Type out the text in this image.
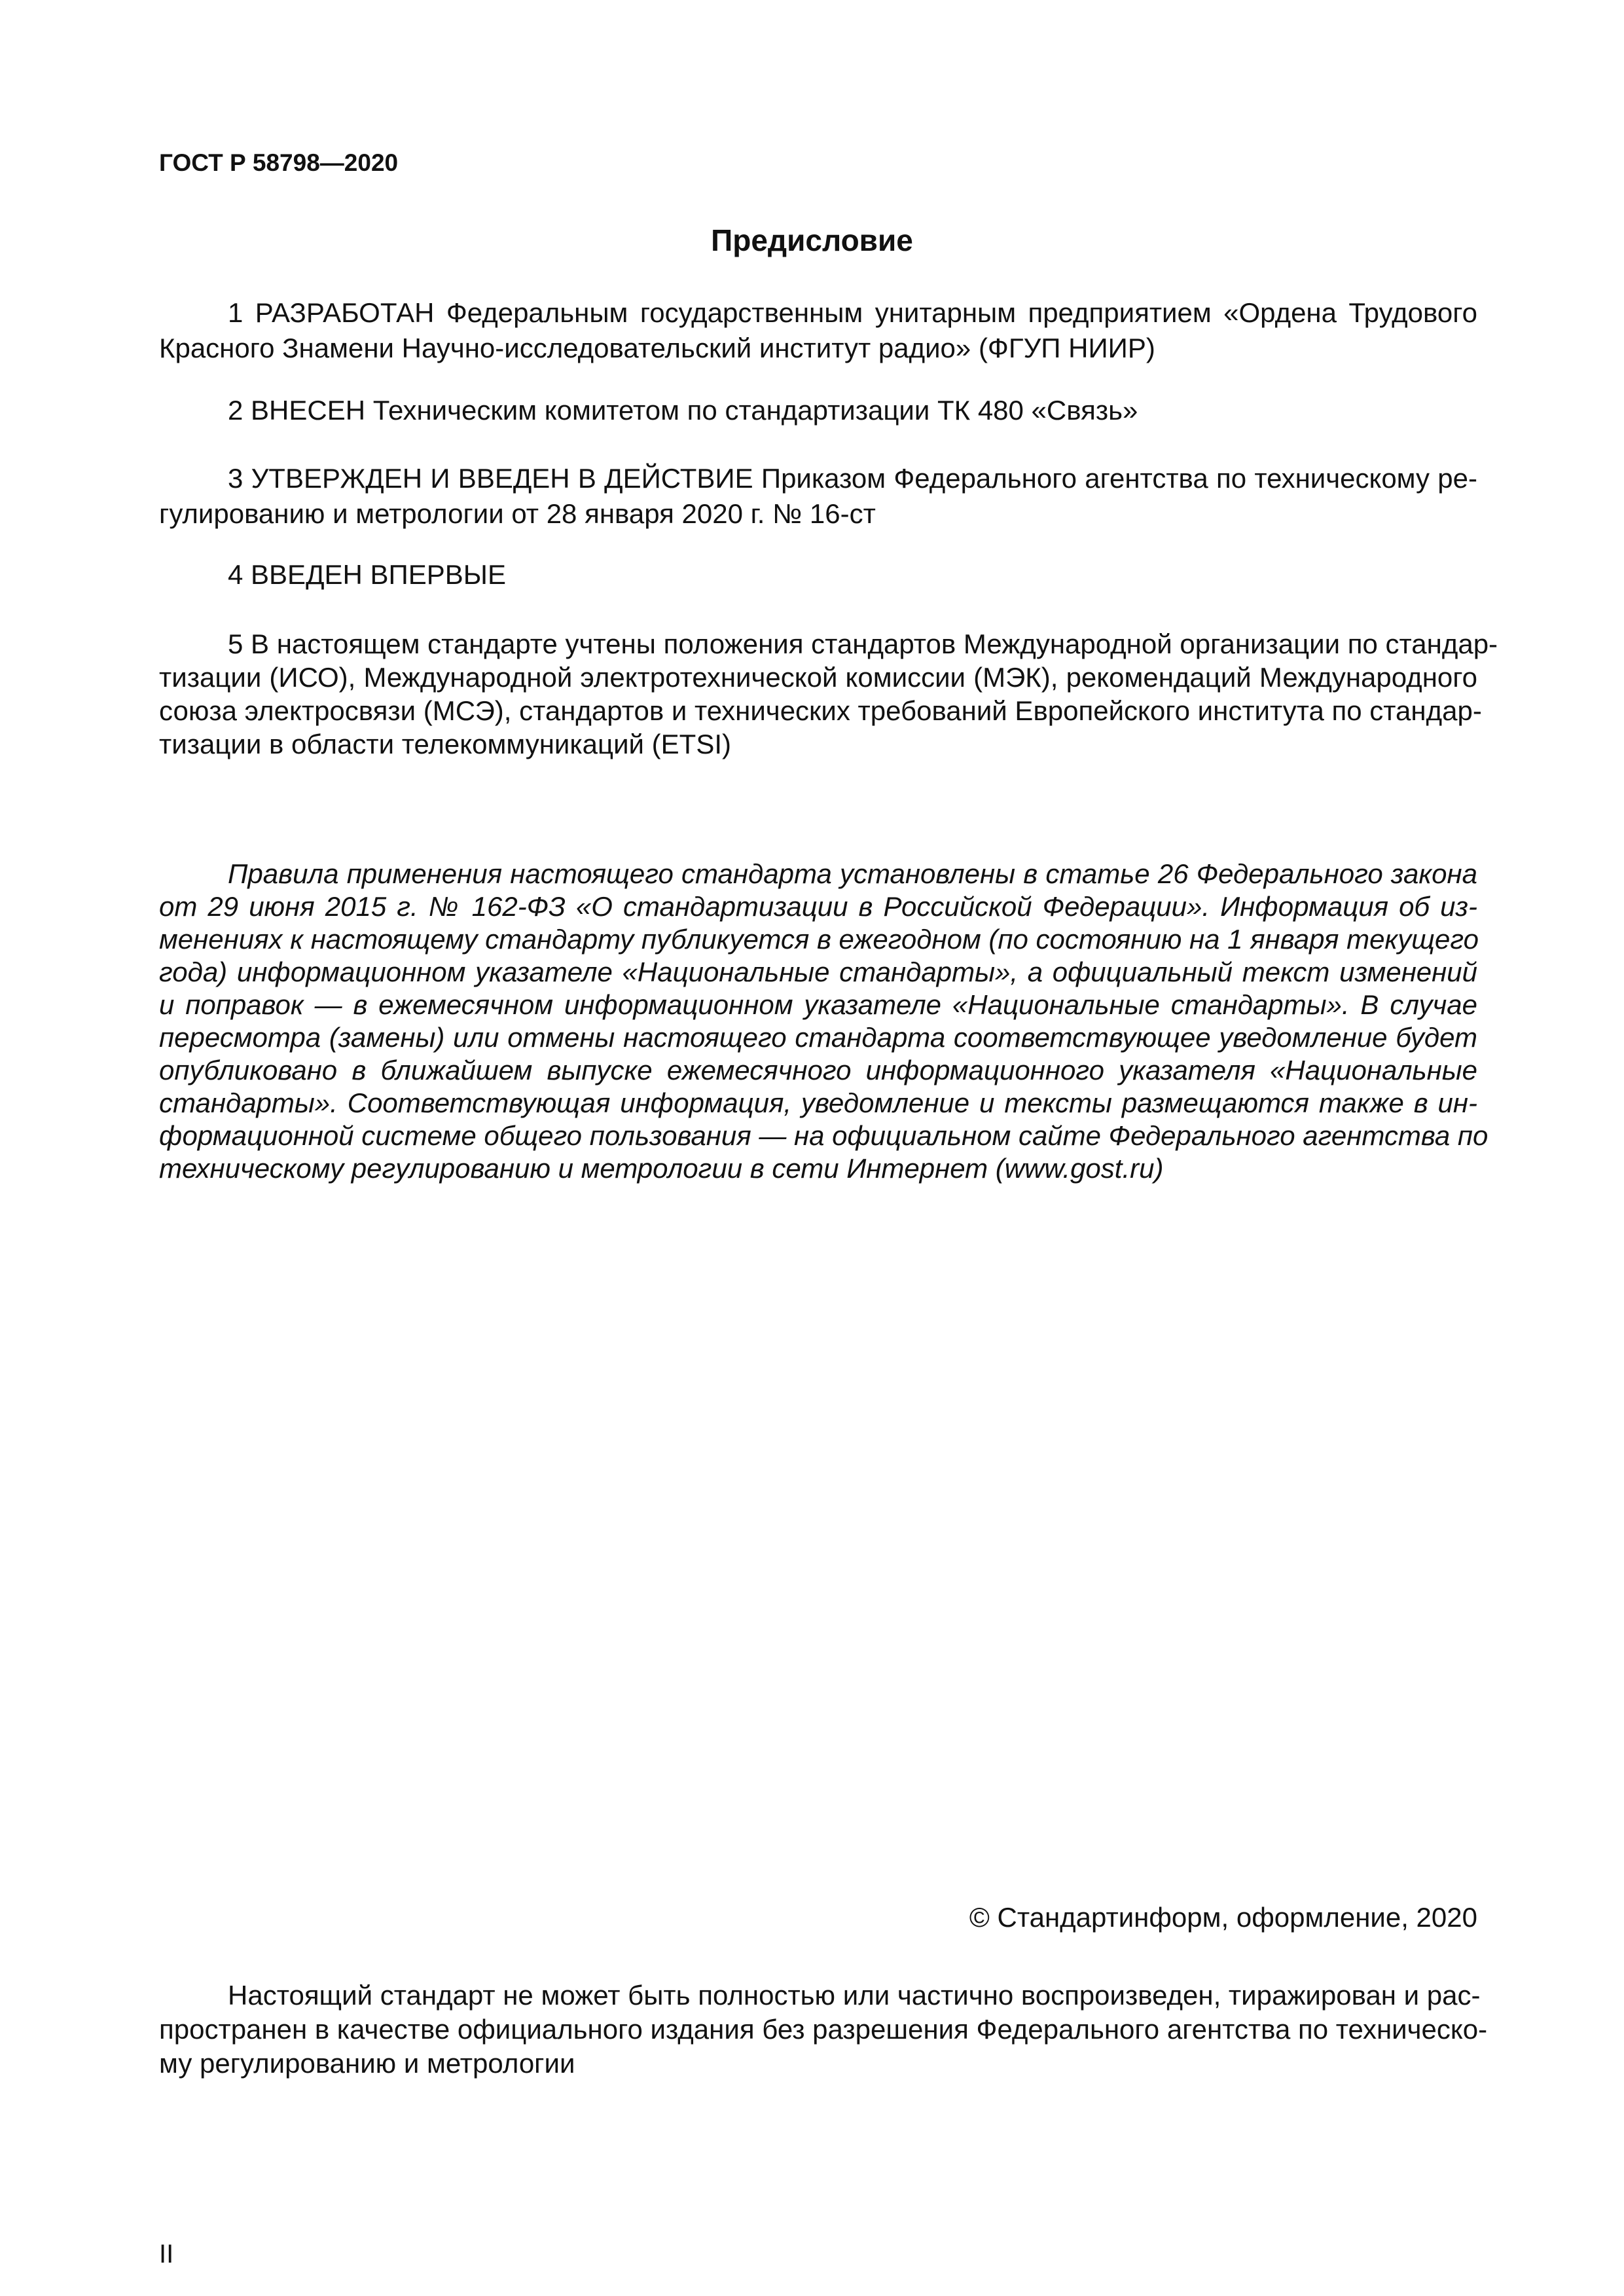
ГОСТ Р 58798—2020
Предисловие
1 РАЗРАБОТАН Федеральным государственным унитарным предприятием «Ордена Трудового
Красного Знамени Научно-исследовательский институт радио» (ФГУП НИИР)
2 ВНЕСЕН Техническим комитетом по стандартизации ТК 480 «Связь»
3 УТВЕРЖДЕН И ВВЕДЕН В ДЕЙСТВИЕ Приказом Федерального агентства по техническому ре-
гулированию и метрологии от 28 января 2020 г. № 16-ст
4 ВВЕДЕН ВПЕРВЫЕ
5 В настоящем стандарте учтены положения стандартов Международной организации по стандар-
тизации (ИСО), Международной электротехнической комиссии (МЭК), рекомендаций Международного
союза электросвязи (МСЭ), стандартов и технических требований Европейского института по стандар-
тизации в области телекоммуникаций (ETSI)
Правила применения настоящего стандарта установлены в статье 26 Федерального закона
от 29 июня 2015 г. № 162-ФЗ «О стандартизации в Российской Федерации». Информация об из-
менениях к настоящему стандарту публикуется в ежегодном (по состоянию на 1 января текущего
года) информационном указателе «Национальные стандарты», а официальный текст изменений
и поправок — в ежемесячном информационном указателе «Национальные стандарты». В случае
пересмотра (замены) или отмены настоящего стандарта соответствующее уведомление будет
опубликовано в ближайшем выпуске ежемесячного информационного указателя «Национальные
стандарты». Соответствующая информация, уведомление и тексты размещаются также в ин-
формационной системе общего пользования — на официальном сайте Федерального агентства по
техническому регулированию и метрологии в сети Интернет (www.gost.ru)
© Стандартинформ, оформление, 2020
Настоящий стандарт не может быть полностью или частично воспроизведен, тиражирован и рас-
пространен в качестве официального издания без разрешения Федерального агентства по техническо-
му регулированию и метрологии
II
